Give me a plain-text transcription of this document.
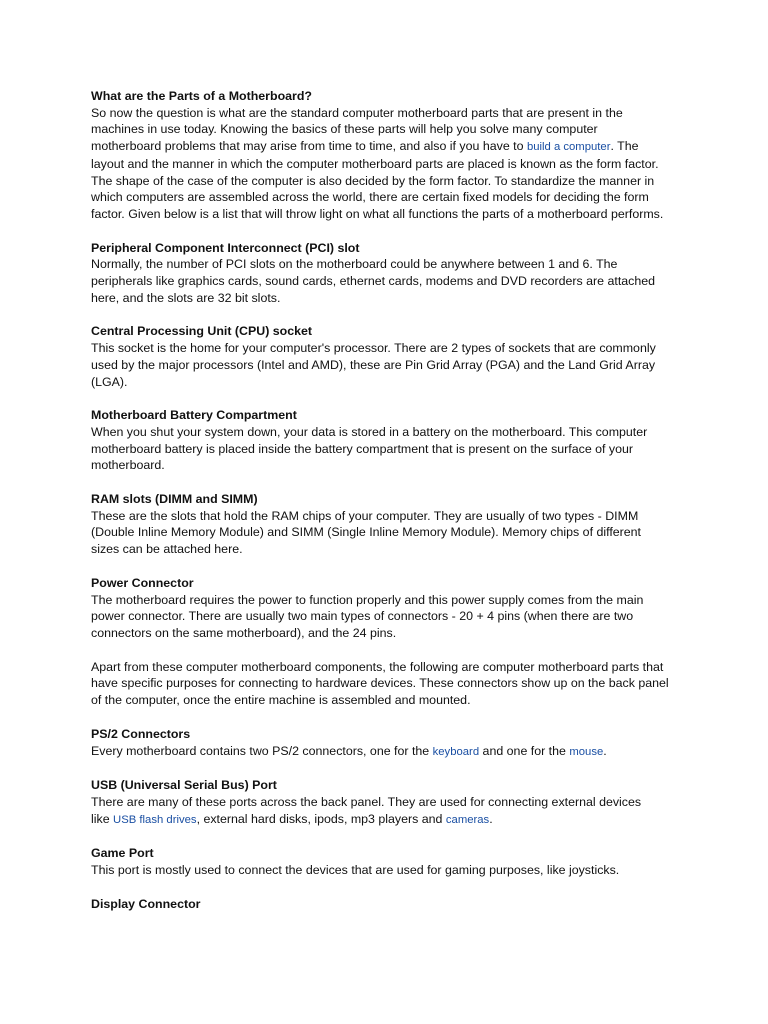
What are the Parts of a Motherboard?
So now the question is what are the standard computer motherboard parts that are present in the
machines in use today. Knowing the basics of these parts will help you solve many computer
motherboard problems that may arise from time to time, and also if you have to build a computer. The
layout and the manner in which the computer motherboard parts are placed is known as the form factor.
The shape of the case of the computer is also decided by the form factor. To standardize the manner in
which computers are assembled across the world, there are certain fixed models for deciding the form
factor. Given below is a list that will throw light on what all functions the parts of a motherboard performs.
Peripheral Component Interconnect (PCI) slot
Normally, the number of PCI slots on the motherboard could be anywhere between 1 and 6. The
peripherals like graphics cards, sound cards, ethernet cards, modems and DVD recorders are attached
here, and the slots are 32 bit slots.
Central Processing Unit (CPU) socket
This socket is the home for your computer's processor. There are 2 types of sockets that are commonly
used by the major processors (Intel and AMD), these are Pin Grid Array (PGA) and the Land Grid Array
(LGA).
Motherboard Battery Compartment
When you shut your system down, your data is stored in a battery on the motherboard. This computer
motherboard battery is placed inside the battery compartment that is present on the surface of your
motherboard.
RAM slots (DIMM and SIMM)
These are the slots that hold the RAM chips of your computer. They are usually of two types - DIMM
(Double Inline Memory Module) and SIMM (Single Inline Memory Module). Memory chips of different
sizes can be attached here.
Power Connector
The motherboard requires the power to function properly and this power supply comes from the main
power connector. There are usually two main types of connectors - 20 + 4 pins (when there are two
connectors on the same motherboard), and the 24 pins.
Apart from these computer motherboard components, the following are computer motherboard parts that
have specific purposes for connecting to hardware devices. These connectors show up on the back panel
of the computer, once the entire machine is assembled and mounted.
PS/2 Connectors
Every motherboard contains two PS/2 connectors, one for the keyboard and one for the mouse.
USB (Universal Serial Bus) Port
There are many of these ports across the back panel. They are used for connecting external devices
like USB flash drives, external hard disks, ipods, mp3 players and cameras.
Game Port
This port is mostly used to connect the devices that are used for gaming purposes, like joysticks.
Display Connector
